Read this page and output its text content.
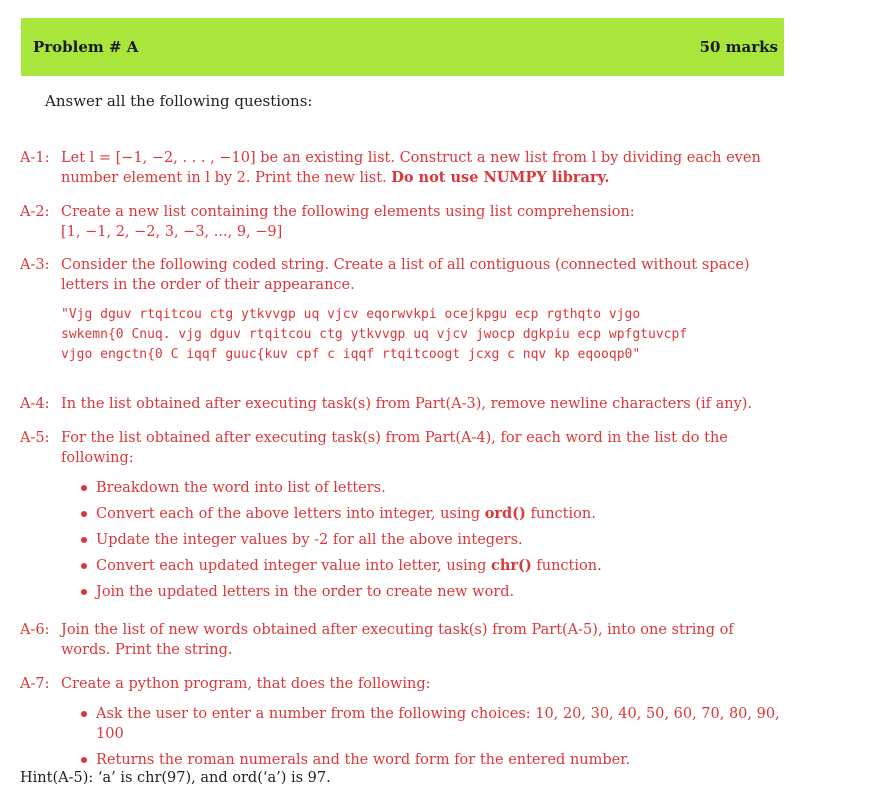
Problem # A	50 marks
Answer all the following questions:
A-1: Let l = [−1, −2, . . . , −10] be an existing list. Construct a new list from l by dividing each even number element in l by 2. Print the new list. Do not use NUMPY library.
A-2: Create a new list containing the following elements using list comprehension:
[1, −1, 2, −2, 3, −3, ..., 9, −9]
A-3: Consider the following coded string. Create a list of all contiguous (connected without space) letters in the order of their appearance.
"Vjg dguv rtqitcou ctg ytkvvgp uq vjcv eqorwvkpi ocejkpgu ecp rgthqto vjgo
swkemn{0 Cnuq. vjg dguv rtqitcou ctg ytkvvgp uq vjcv jwocp dgkpiu ecp wpfgtuvcpf
vjgo engctn{0 C iqqf guuc{kuv cpf c iqqf rtqitcoogt jcxg c nqv kp eqooqp0"
A-4: In the list obtained after executing task(s) from Part(A-3), remove newline characters (if any).
A-5: For the list obtained after executing task(s) from Part(A-4), for each word in the list do the following:
Breakdown the word into list of letters.
Convert each of the above letters into integer, using ord() function.
Update the integer values by -2 for all the above integers.
Convert each updated integer value into letter, using chr() function.
Join the updated letters in the order to create new word.
A-6: Join the list of new words obtained after executing task(s) from Part(A-5), into one string of words. Print the string.
A-7: Create a python program, that does the following:
Ask the user to enter a number from the following choices: 10, 20, 30, 40, 50, 60, 70, 80, 90, 100
Returns the roman numerals and the word form for the entered number.
Hint(A-5): ‘a’ is chr(97), and ord(‘a’) is 97.
